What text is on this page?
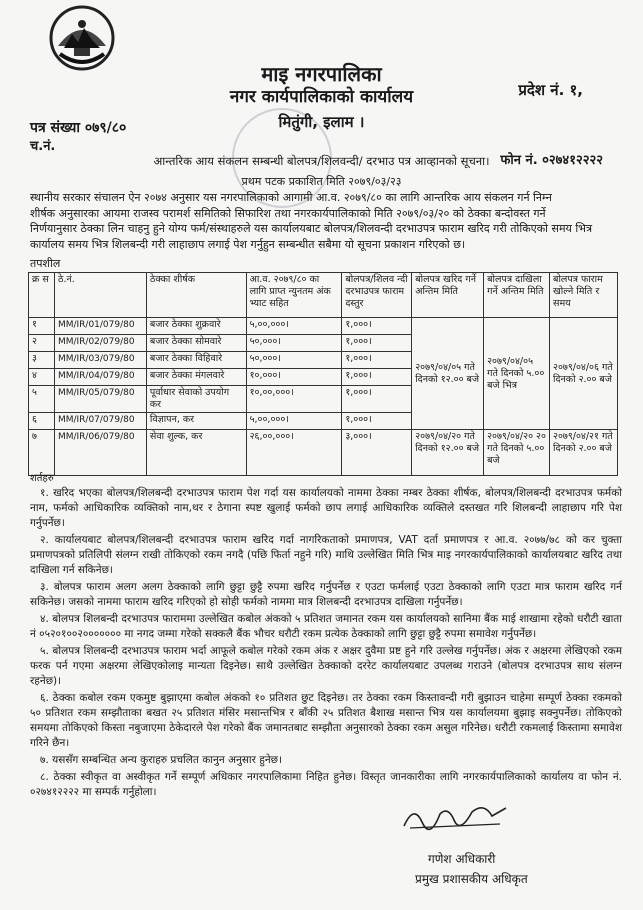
माइ नगरपालिका
नगर कार्यपालिकाको कार्यालय
मितुंगी, इलाम ।
प्रदेश नं. १,
पत्र संख्या ०७९/८०
च.नं.
फोन नं. ०२७४१२२२२
आन्तरिक आय संकलन सम्बन्धी बोलपत्र/शिलवन्दी/ दरभाउ पत्र आव्हानको सूचना।
प्रथम पटक प्रकाशित मिति २०७९/०३/२३
स्थानीय सरकार संचालन ऐन २०७४ अनुसार यस नगरपालिकाको आगामी आ.व. २०७९/८० का लागि आन्तरिक आय संकलन गर्न निम्न
शीर्षक अनुसारका आयमा राजस्व परामर्श समितिको सिफारिश तथा नगरकार्यपालिकाको मिति २०७९/०३/२० को ठेक्का बन्दोवस्त गर्ने
निर्णयानुसार ठेक्का लिन चाहनु हुने योग्य फर्म/संस्थाहरुले यस कार्यालयबाट बोलपत्र/शिलवन्दी दरभाउपत्र फाराम खरिद गरी तोकिएको समय भित्र
कार्यालय समय भित्र शिलबन्दी गरी लाहाछाप लगाई पेश गर्नुहुन सम्बन्धीत सबैमा यो सूचना प्रकाशन गरिएको छ।
तपशील
क्र स	ठे.नं.	ठेक्का शीर्षक	आ.व. २०७९/८० का लागि प्राप्त न्युनतम अंक भ्याट सहित	बोलपत्र/शिलव न्दी दरभाउपत्र फाराम दस्तुर	बोलपत्र खरिद गर्ने अन्तिम मिति	बोलपत्र दाखिला गर्ने अन्तिम मिति	बोलपत्र फाराम खोल्ने मिति र समय
१	MM/IR/01/079/80	बजार ठेक्का शुक्रवारे	५,००,०००।	१,०००।	२०७९/०४/०५ गते दिनको १२.०० बजे	२०७९/०४/०५ गते दिनको ५.०० बजे भित्र	२०७९/०४/०६ गते दिनको २.०० बजे
२	MM/IR/02/079/80	बजार ठेक्का सोमवारे	५०,०००।	१,०००।			
३	MM/IR/03/079/80	बजार ठेक्का विहिवारे	५०,०००।	१,०००।			
४	MM/IR/04/079/80	बजार ठेक्का मंगलवारे	१०,०००।	१,०००।			
५	MM/IR/05/079/80	पूर्वाधार सेवाको उपयोग कर	१०,००,०००।	१,०००।			
६	MM/IR/07/079/80	विज्ञापन, कर	५,००,०००।	१,०००।			
७	MM/IR/06/079/80	सेवा शुल्क, कर	२६,००,०००।	३,०००।	२०७९/०४/२० गते दिनको १२.०० बजे	२०७९/०४/२० २० गते दिनको ५.०० बजे	२०७९/०४/२१ गते दिनको २.०० बजे
शर्तहरु

१. खरिद भएका बोलपत्र/शिलबन्दी दरभाउपत्र फाराम पेश गर्दा यस कार्यालयको नाममा ठेक्का नम्बर ठेक्का शीर्षक, बोलपत्र/शिलबन्दी दरभाउपत्र फर्मको नाम, फर्मको आधिकारिक व्यक्तिको नाम,थर र ठेगाना स्पष्ट खुलाई फर्मको छाप लगाई आधिकारिक व्यक्तिले दस्तखत गरि शिलबन्दी लाहाछाप गरि पेश गर्नुपर्नेछ।

२. कार्यालयबाट बोलपत्र/शिलबन्दी दरभाउपत्र फाराम खरिद गर्दा नागरिकताको प्रमाणपत्र, VAT दर्ता प्रमाणपत्र र आ.व. २०७७/७८ को कर चुक्ता प्रमाणपत्रको प्रतिलिपी संलग्न राखी तोकिएको रकम नगदै (पछि फिर्ता नहुने गरि) माथि उल्लेखित मिति भित्र माइ नगरकार्यपालिकाको कार्यालयबाट खरिद तथा दाखिला गर्न सकिनेछ।

३. बोलपत्र फाराम अलग अलग ठेक्काको लागि छुट्टा छुट्टै रुपमा खरिद गर्नुपर्नेछ र एउटा फर्मलाई एउटा ठेक्काको लागि एउटा मात्र फाराम खरिद गर्न सकिनेछ। जसको नाममा फाराम खरिद गरिएको हो सोही फर्मको नाममा मात्र शिलबन्दी दरभाउपत्र दाखिला गर्नुपर्नेछ।

४. बोलपत्र शिलबन्दी दरभाउपत्र फाराममा उल्लेखित कबोल अंकको ५ प्रतिशत जमानत रकम यस कार्यालयको सानिमा बैंक माई शाखामा रहेको धरौटी खाता नं ०५२०१००२००००००० मा नगद जम्मा गरेको सक्कलै बैंक भौचर धरौटी रकम प्रत्येक ठेक्काको लागि छुट्टा छुट्टै रुपमा समावेश गर्नुपर्नेछ।

५. बोलपत्र शिलबन्दी दरभाउपत्र फाराम भर्दा आफूले कबोल गरेको रकम अंक र अक्षर दुवैमा प्रष्ट हुने गरि उल्लेख गर्नुपर्नेछ। अंक र अक्षरमा लेखिएको रकम फरक पर्न गएमा अक्षरमा लेखिएकोलाइ मान्यता दिइनेछ। साथै उल्लेखित ठेक्काको दररेट कार्यालयबाट उपलब्ध गराउने (बोलपत्र दरभाउपत्र साथ संलग्न रहनेछ)।

६. ठेक्का कबोल रकम एकमुष्ट बुझाएमा कबोल अंकको १० प्रतिशत छुट दिइनेछ। तर ठेक्का रकम किस्तावन्दी गरी बुझाउन चाहेमा सम्पूर्ण ठेक्का रकमको ५० प्रतिशत रकम सम्झौताका बखत २५ प्रतिशत मंसिर मसान्तभित्र र बाँकी २५ प्रतिशत बैशाख मसान्त भित्र यस कार्यालयमा बुझाइ सक्नुपर्नेछ। तोकिएको समयमा तोकिएको किस्ता नबुजाएमा ठेकेदारले पेश गरेको बैंक जमानतबाट सम्झौता अनुसारको ठेक्का रकम असुल गरिनेछ। धरौटी रकमलाई किस्तामा समावेश गरिने छैन।

७. यससँग सम्बन्धित अन्य कुराहरु प्रचलित कानुन अनुसार हुनेछ।

८. ठेक्का स्वीकृत वा अस्वीकृत गर्ने सम्पूर्ण अधिकार नगरपालिकामा निहित हुनेछ। विस्तृत जानकारीका लागि नगरकार्यपालिकाको कार्यालय वा फोन नं. ०२७४१२२२२ मा सम्पर्क गर्नुहोला।

गणेश अधिकारी
प्रमुख प्रशासकीय अधिकृत
